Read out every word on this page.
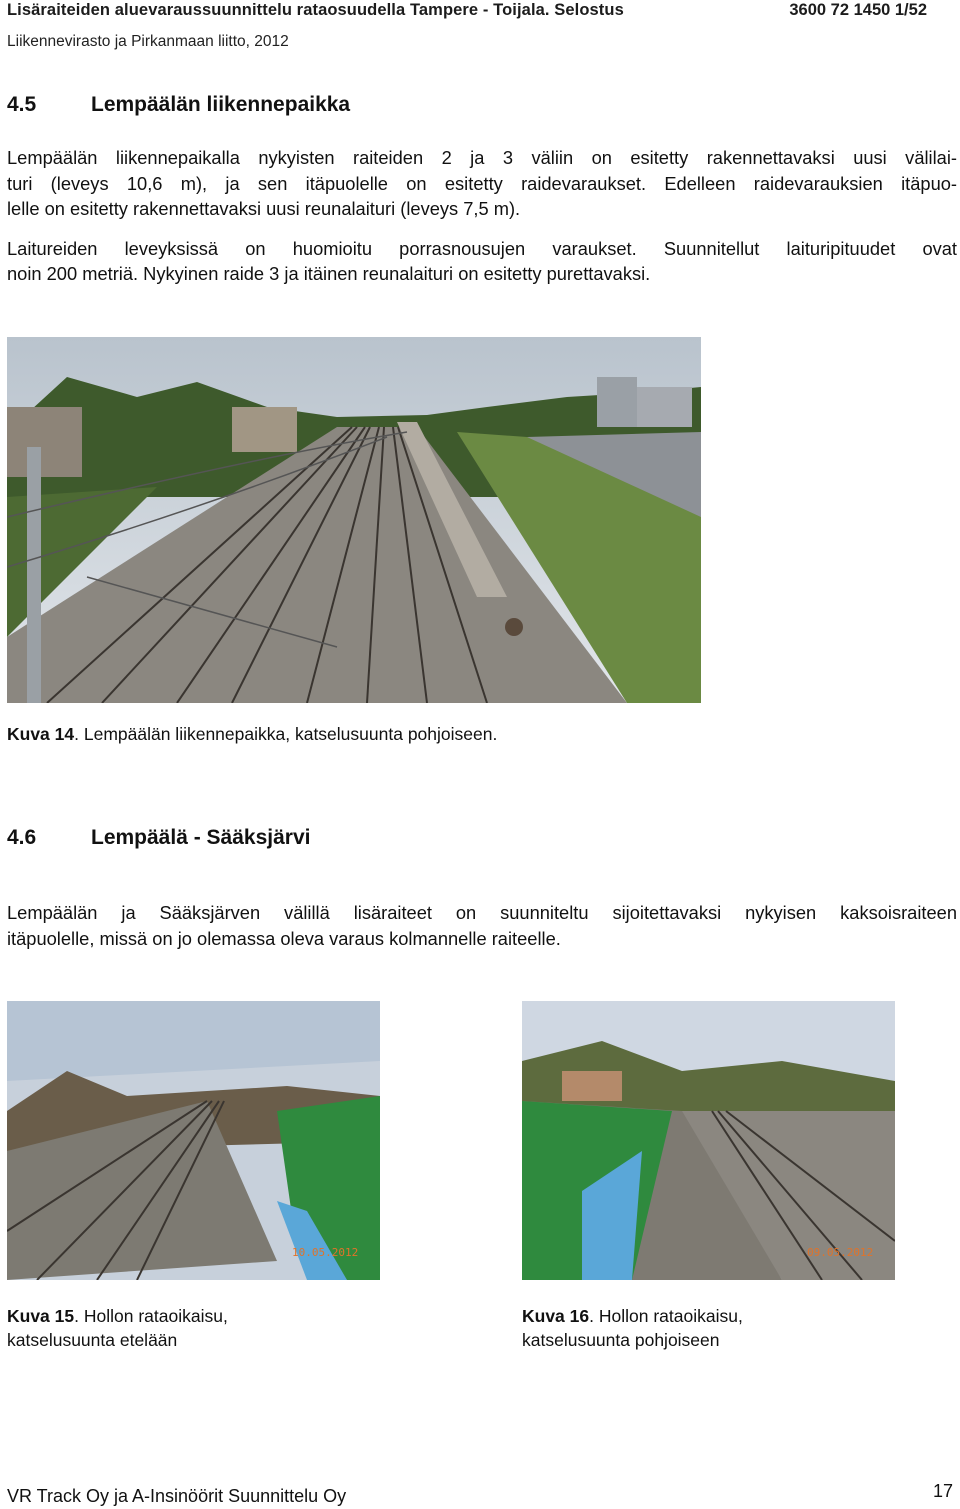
Lisäraiteiden aluevaraussuunnittelu rataosuudella Tampere - Toijala. Selostus	3600 72 1450 1/52
Liikennevirasto ja Pirkanmaan liitto, 2012
4.5	Lempäälän liikennepaikka

Lempäälän liikennepaikalla nykyisten raiteiden 2 ja 3 väliin on esitetty rakennettavaksi uusi välilai-
turi (leveys 10,6 m), ja sen itäpuolelle on esitetty raidevaraukset. Edelleen raidevarauksien itäpuo-
lelle on esitetty rakennettavaksi uusi reunalaituri (leveys 7,5 m).

Laitureiden leveyksissä on huomioitu porrasnousujen varaukset. Suunnitellut laituripituudet ovat
noin 200 metriä. Nykyinen raide 3 ja itäinen reunalaituri on esitetty purettavaksi.

Kuva 14. Lempäälän liikennepaikka, katselusuunta pohjoiseen.
4.6	Lempäälä - Sääksjärvi

Lempäälän ja Sääksjärven välillä lisäraiteet on suunniteltu sijoitettavaksi nykyisen kaksoisraiteen
itäpuolelle, missä on jo olemassa oleva varaus kolmannelle raiteelle.

10.05.2012	09.05.2012
Kuva 15. Hollon rataoikaisu,
katselusuunta etelään
Kuva 16. Hollon rataoikaisu,
katselusuunta pohjoiseen
VR Track Oy ja A-Insinöörit Suunnittelu Oy	17
